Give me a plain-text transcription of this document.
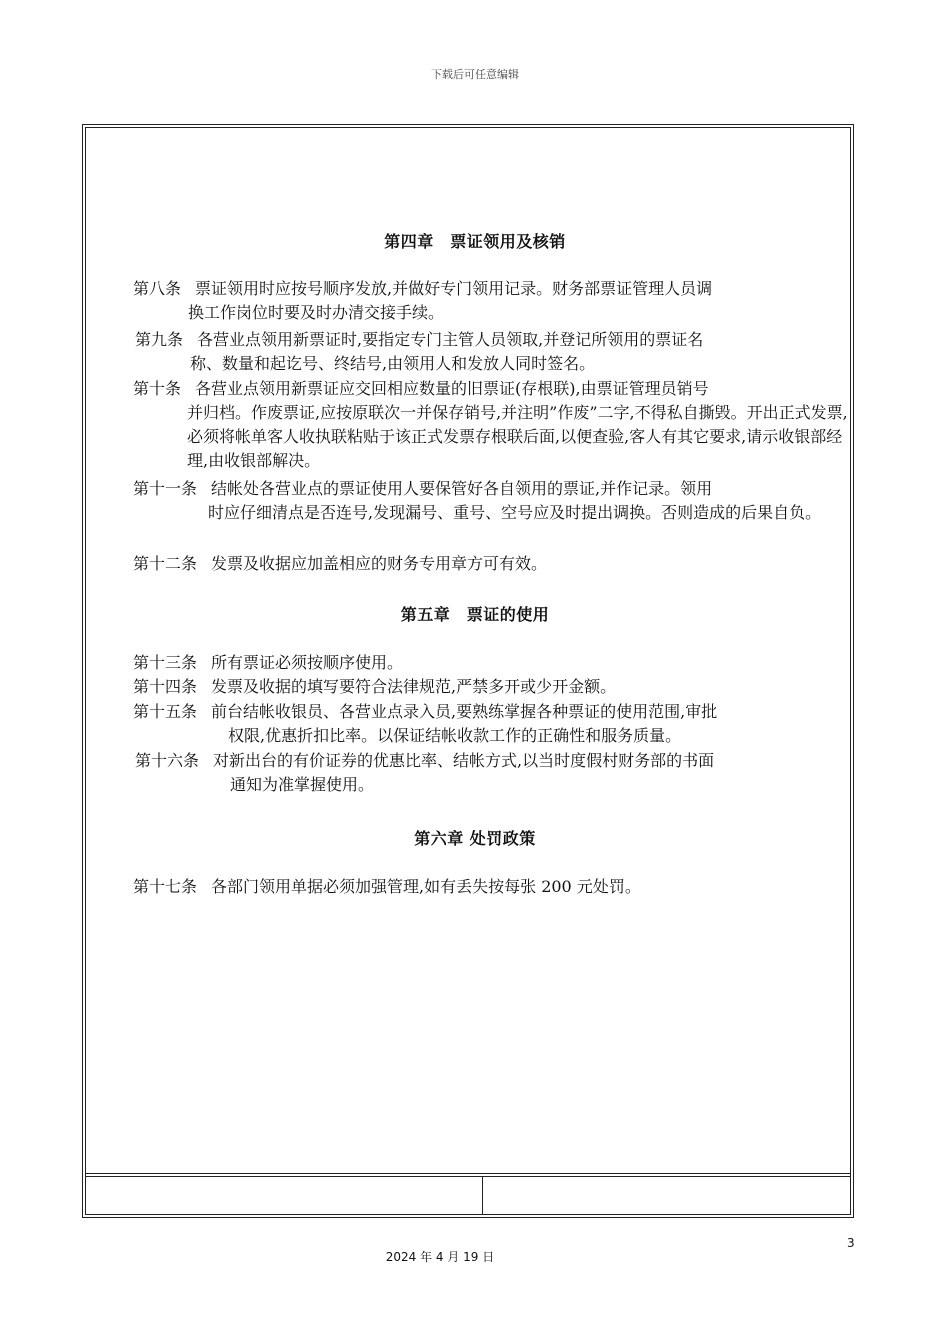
下载后可任意编辑
第四章　票证领用及核销
第八条 票证领用时应按号顺序发放,并做好专门领用记录。财务部票证管理人员调
换工作岗位时要及时办清交接手续。
第九条 各营业点领用新票证时,要指定专门主管人员领取,并登记所领用的票证名
称、数量和起讫号、终结号,由领用人和发放人同时签名。
第十条 各营业点领用新票证应交回相应数量的旧票证(存根联),由票证管理员销号
并归档。作废票证,应按原联次一并保存销号,并注明”作废”二字,不得私自撕毁。开出正式发票,必须将帐单客人收执联粘贴于该正式发票存根联后面,以便查验,客人有其它要求,请示收银部经理,由收银部解决。
第十一条 结帐处各营业点的票证使用人要保管好各自领用的票证,并作记录。领用
时应仔细清点是否连号,发现漏号、重号、空号应及时提出调换。否则造成的后果自负。
第十二条 发票及收据应加盖相应的财务专用章方可有效。
第五章　票证的使用
第十三条 所有票证必须按顺序使用。
第十四条 发票及收据的填写要符合法律规范,严禁多开或少开金额。
第十五条 前台结帐收银员、各营业点录入员,要熟练掌握各种票证的使用范围,审批
权限,优惠折扣比率。以保证结帐收款工作的正确性和服务质量。
第十六条 对新出台的有价证券的优惠比率、结帐方式,以当时度假村财务部的书面
通知为准掌握使用。
第六章 处罚政策
第十七条 各部门领用单据必须加强管理,如有丢失按每张 200 元处罚。
3
2024 年 4 月 19 日
